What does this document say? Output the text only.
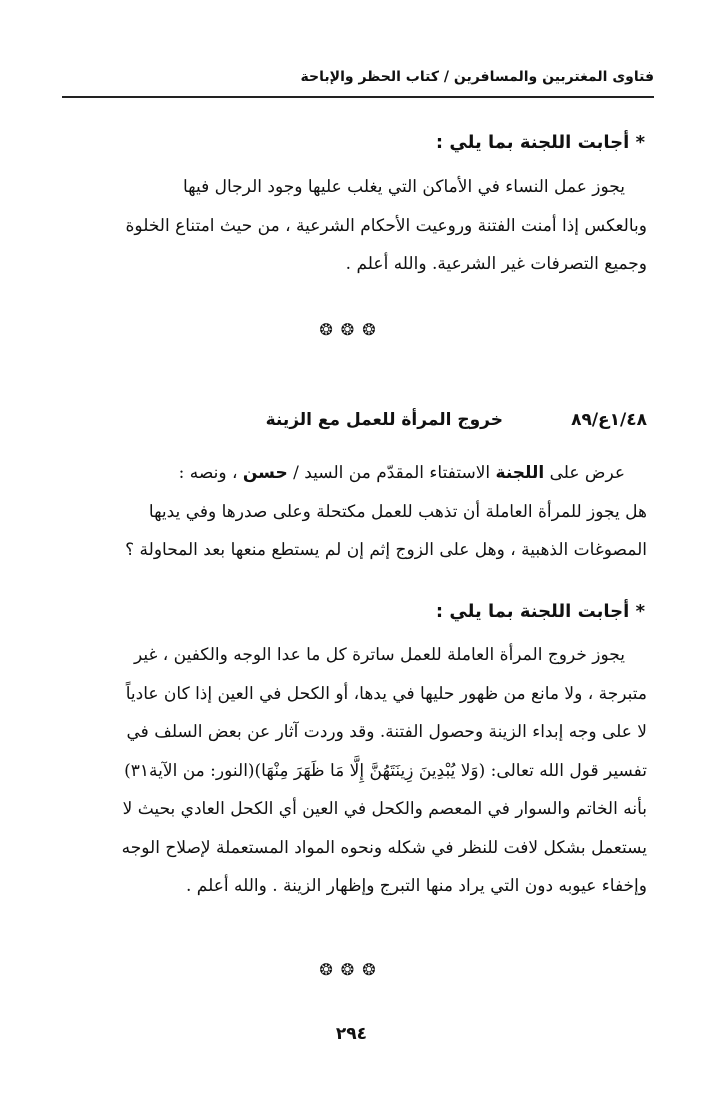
فتاوى المغتربين والمسافرين / كتاب الحظر والإباحة
* أجابت اللجنة بما يلي :
يجوز عمل النساء في الأماكن التي يغلب عليها وجود الرجال فيها
وبالعكس إذا أمنت الفتنة وروعيت الأحكام الشرعية ، من حيث امتناع الخلوة
وجميع التصرفات غير الشرعية. والله أعلم .
❂❂❂
١/٤٨ع/٨٩
خروج المرأة للعمل مع الزينة
عرض على اللجنة الاستفتاء المقدّم من السيد / حسن ، ونصه :
هل يجوز للمرأة العاملة أن تذهب للعمل مكتحلة وعلى صدرها وفي يديها
المصوغات الذهبية ، وهل على الزوج إثم إن لم يستطع منعها بعد المحاولة ؟
* أجابت اللجنة بما يلي :
يجوز خروج المرأة العاملة للعمل ساترة كل ما عدا الوجه والكفين ، غير
متبرجة ، ولا مانع من ظهور حليها في يدها، أو الكحل في العين إذا كان عادياً
لا على وجه إبداء الزينة وحصول الفتنة. وقد وردت آثار عن بعض السلف في
تفسير قول الله تعالى: (وَلا يُبْدِينَ زِينَتَهُنَّ إِلَّا مَا ظَهَرَ مِنْهَا)(النور: من الآية٣١)
بأنه الخاتم والسوار في المعصم والكحل في العين أي الكحل العادي بحيث لا
يستعمل بشكل لافت للنظر في شكله ونحوه المواد المستعملة لإصلاح الوجه
وإخفاء عيوبه دون التي يراد منها التبرج وإظهار الزينة . والله أعلم .
❂❂❂
٢٩٤
